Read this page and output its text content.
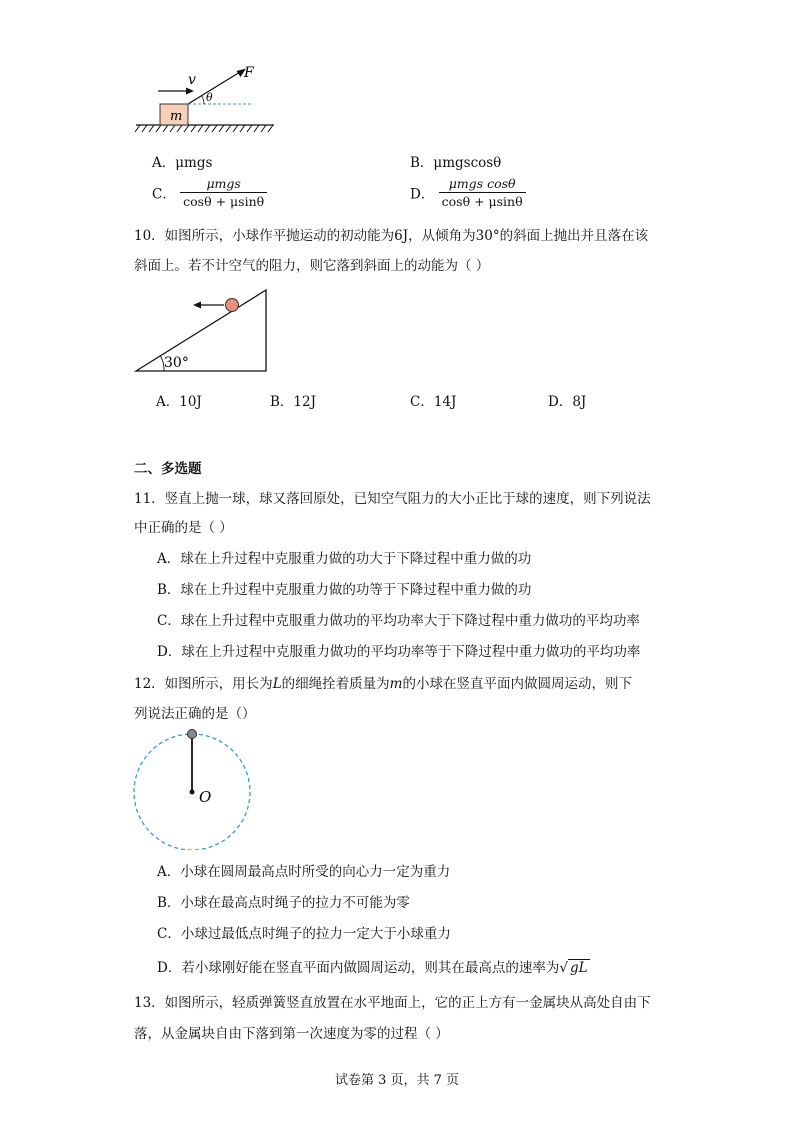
m
v	F
θ
A．μmgs	B．μmgscosθ
C． $\frac{\text{μmgs}}{\cos\theta + \mu\sin\theta}$	D． $\frac{\text{μmgs cosθ}}{\cos\theta + \mu\sin\theta}$
10．如图所示，小球作平抛运动的初动能为6J，从倾角为30°的斜面上抛出并且落在该
斜面上。若不计空气的阻力，则它落到斜面上的动能为（ ）
30°
A．10J	B．12J	C．14J	D．8J
二、多选题
11．竖直上抛一球，球又落回原处，已知空气阻力的大小正比于球的速度，则下列说法
中正确的是（ ）
A．球在上升过程中克服重力做的功大于下降过程中重力做的功
B．球在上升过程中克服重力做的功等于下降过程中重力做的功
C．球在上升过程中克服重力做功的平均功率大于下降过程中重力做功的平均功率
D．球在上升过程中克服重力做功的平均功率等于下降过程中重力做功的平均功率
12．如图所示，用长为L的细绳拴着质量为m的小球在竖直平面内做圆周运动，则下
列说法正确的是（）
O
A．小球在圆周最高点时所受的向心力一定为重力
B．小球在最高点时绳子的拉力不可能为零
C．小球过最低点时绳子的拉力一定大于小球重力
D．若小球刚好能在竖直平面内做圆周运动，则其在最高点的速率为√ gL
13．如图所示，轻质弹簧竖直放置在水平地面上，它的正上方有一金属块从高处自由下
落，从金属块自由下落到第一次速度为零的过程（ ）
试卷第 3 页，共 7 页
